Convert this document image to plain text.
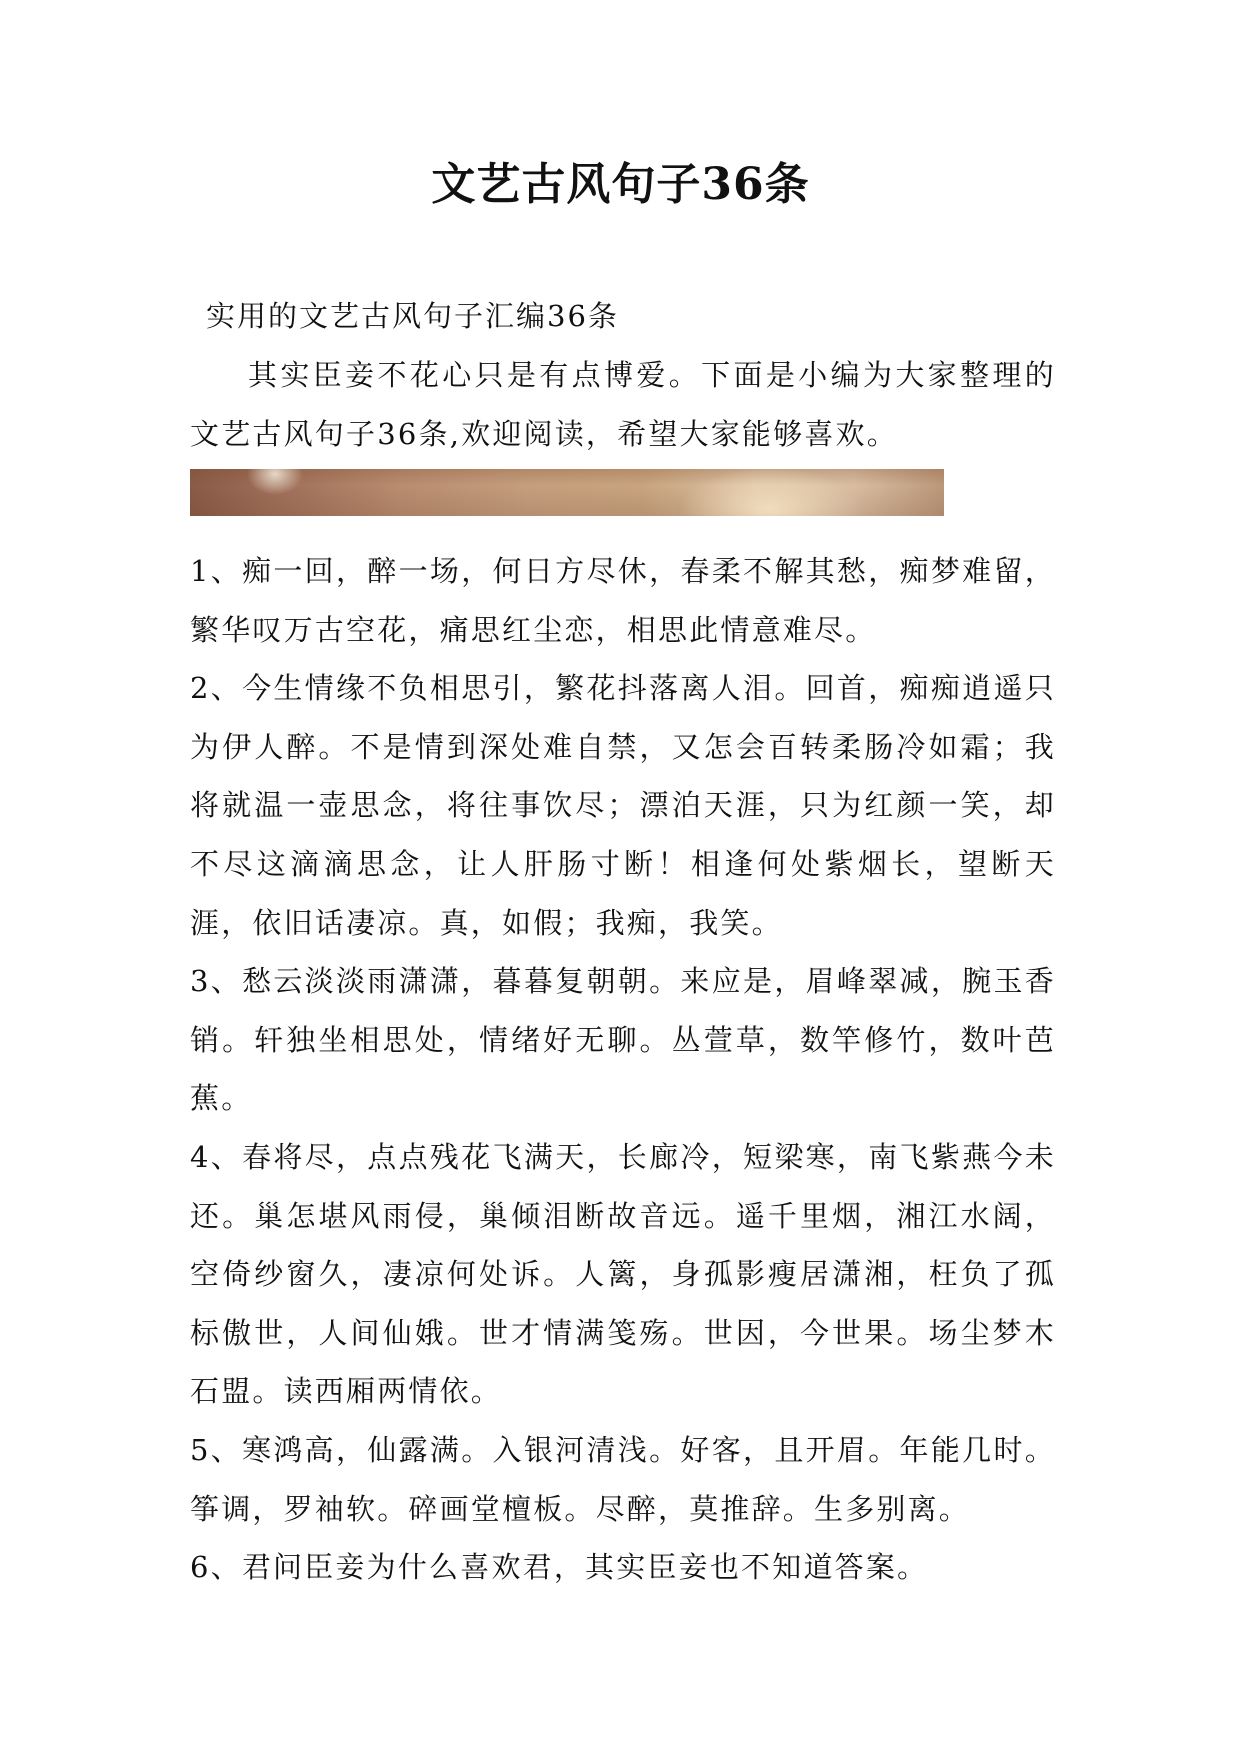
文艺古风句子36条

实用的文艺古风句子汇编36条

其实臣妾不花心只是有点博爱。下面是小编为大家整理的文艺古风句子36条,欢迎阅读，希望大家能够喜欢。

1、痴一回，醉一场，何日方尽休，春柔不解其愁，痴梦难留，繁华叹万古空花，痛思红尘恋，相思此情意难尽。
2、今生情缘不负相思引，繁花抖落离人泪。回首，痴痴逍遥只为伊人醉。不是情到深处难自禁，又怎会百转柔肠冷如霜；我将就温一壶思念，将往事饮尽；漂泊天涯，只为红颜一笑，却不尽这滴滴思念，让人肝肠寸断！相逢何处紫烟长，望断天涯，依旧话凄凉。真，如假；我痴，我笑。
3、愁云淡淡雨潇潇，暮暮复朝朝。来应是，眉峰翠减，腕玉香销。轩独坐相思处，情绪好无聊。丛萱草，数竿修竹，数叶芭蕉。
4、春将尽，点点残花飞满天，长廊冷，短梁寒，南飞紫燕今未还。巢怎堪风雨侵，巢倾泪断故音远。遥千里烟，湘江水阔，空倚纱窗久，凄凉何处诉。人篱，身孤影瘦居潇湘，枉负了孤标傲世，人间仙娥。世才情满笺殇。世因，今世果。场尘梦木石盟。读西厢两情依。
5、寒鸿高，仙露满。入银河清浅。好客，且开眉。年能几时。筝调，罗袖软。碎画堂檀板。尽醉，莫推辞。生多别离。
6、君问臣妾为什么喜欢君，其实臣妾也不知道答案。
